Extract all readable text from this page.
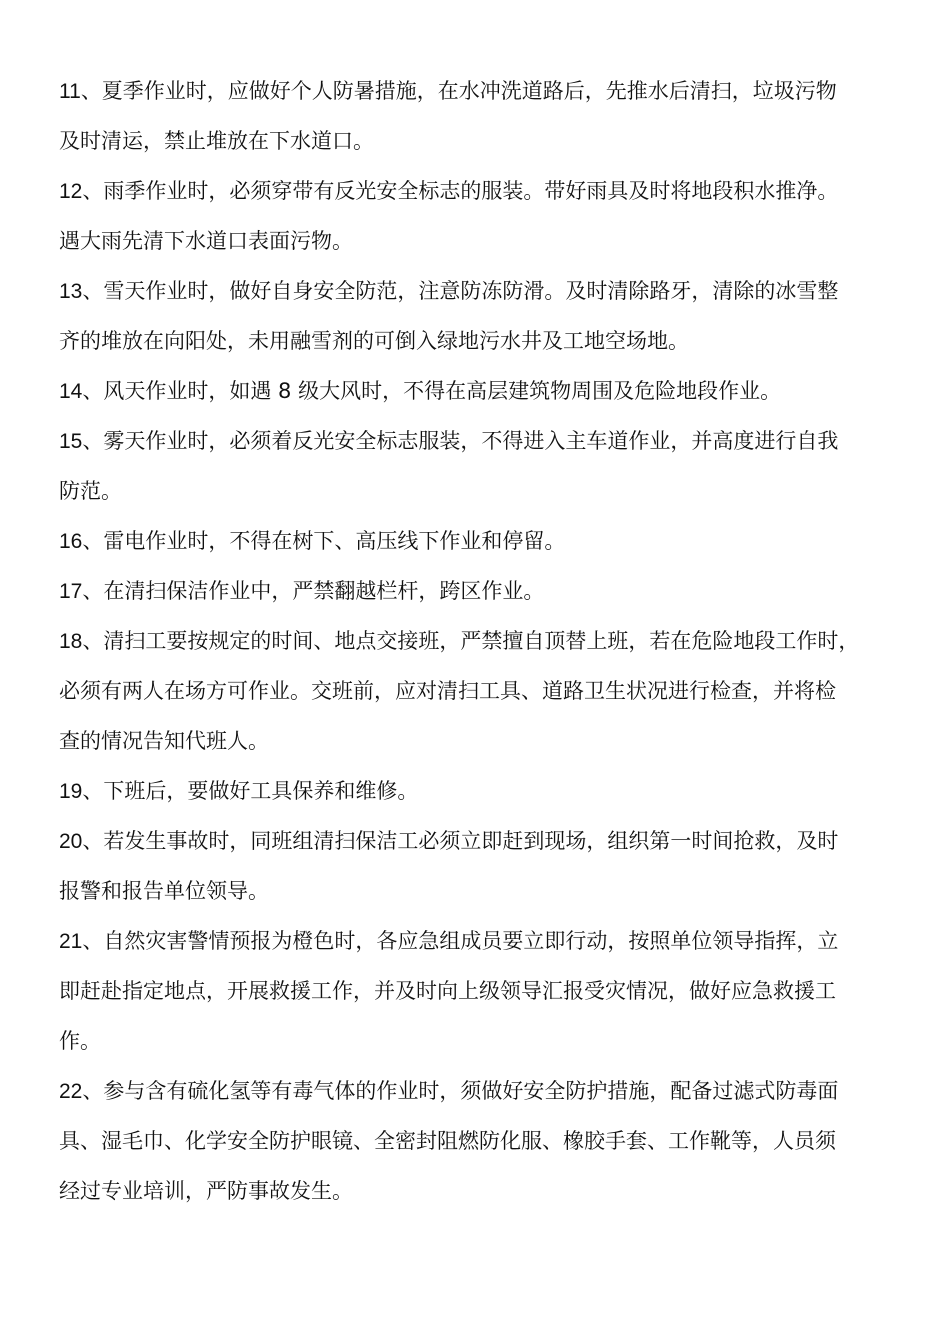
11、夏季作业时，应做好个人防暑措施，在水冲洗道路后，先推水后清扫，垃圾污物
及时清运，禁止堆放在下水道口。
12、雨季作业时，必须穿带有反光安全标志的服装。带好雨具及时将地段积水推净。
遇大雨先清下水道口表面污物。
13、雪天作业时，做好自身安全防范，注意防冻防滑。及时清除路牙，清除的冰雪整
齐的堆放在向阳处，未用融雪剂的可倒入绿地污水井及工地空场地。
14、风天作业时，如遇 8 级大风时，不得在高层建筑物周围及危险地段作业。
15、雾天作业时，必须着反光安全标志服装，不得进入主车道作业，并高度进行自我
防范。
16、雷电作业时，不得在树下、高压线下作业和停留。
17、在清扫保洁作业中，严禁翻越栏杆，跨区作业。
18、清扫工要按规定的时间、地点交接班，严禁擅自顶替上班，若在危险地段工作时，
必须有两人在场方可作业。交班前，应对清扫工具、道路卫生状况进行检查，并将检
查的情况告知代班人。
19、下班后，要做好工具保养和维修。
20、若发生事故时，同班组清扫保洁工必须立即赶到现场，组织第一时间抢救，及时
报警和报告单位领导。
21、自然灾害警情预报为橙色时，各应急组成员要立即行动，按照单位领导指挥，立
即赶赴指定地点，开展救援工作，并及时向上级领导汇报受灾情况，做好应急救援工
作。
22、参与含有硫化氢等有毒气体的作业时，须做好安全防护措施，配备过滤式防毒面
具、湿毛巾、化学安全防护眼镜、全密封阻燃防化服、橡胶手套、工作靴等，人员须
经过专业培训，严防事故发生。
